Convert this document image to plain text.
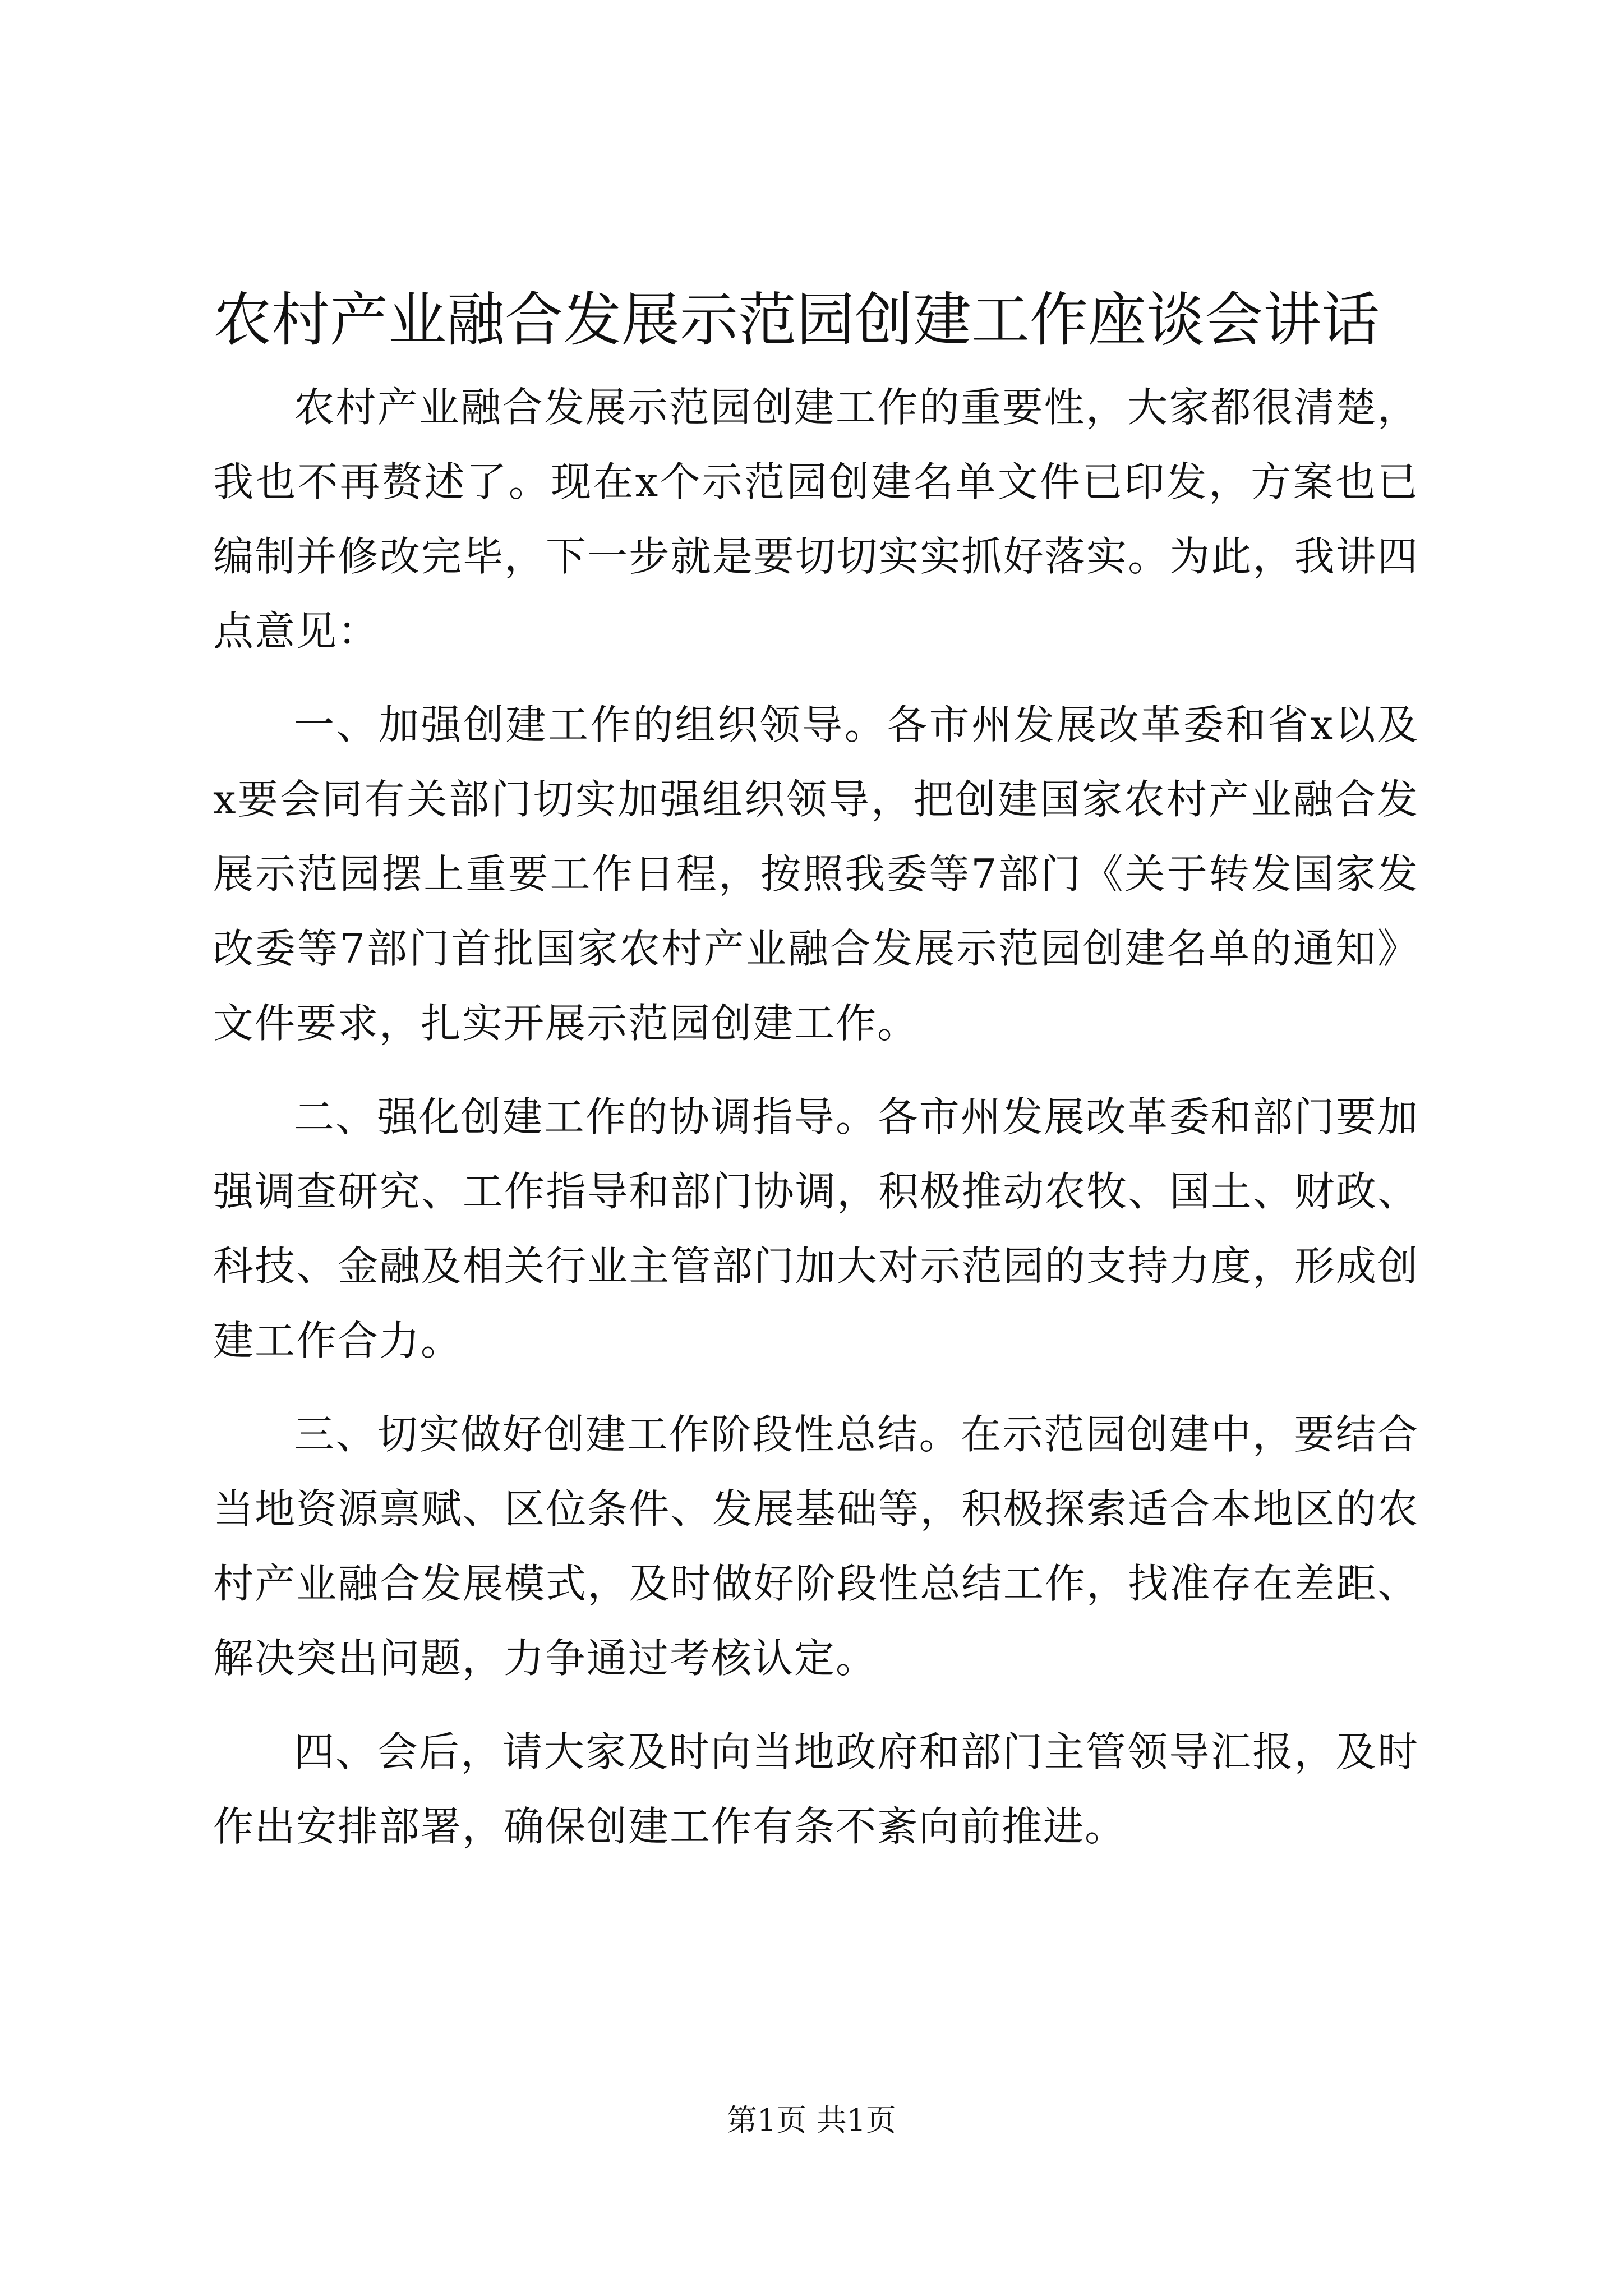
农村产业融合发展示范园创建工作座谈会讲话

农村产业融合发展示范园创建工作的重要性，大家都很清楚，我也不再赘述了。现在x个示范园创建名单文件已印发，方案也已编制并修改完毕，下一步就是要切切实实抓好落实。为此，我讲四点意见：

一、加强创建工作的组织领导。各市州发展改革委和省x以及x要会同有关部门切实加强组织领导，把创建国家农村产业融合发展示范园摆上重要工作日程，按照我委等7部门《关于转发国家发改委等7部门首批国家农村产业融合发展示范园创建名单的通知》文件要求，扎实开展示范园创建工作。

二、强化创建工作的协调指导。各市州发展改革委和部门要加强调查研究、工作指导和部门协调，积极推动农牧、国土、财政、科技、金融及相关行业主管部门加大对示范园的支持力度，形成创建工作合力。

三、切实做好创建工作阶段性总结。在示范园创建中，要结合当地资源禀赋、区位条件、发展基础等，积极探索适合本地区的农村产业融合发展模式，及时做好阶段性总结工作，找准存在差距、解决突出问题，力争通过考核认定。

四、会后，请大家及时向当地政府和部门主管领导汇报，及时作出安排部署，确保创建工作有条不紊向前推进。

第1页 共1页
